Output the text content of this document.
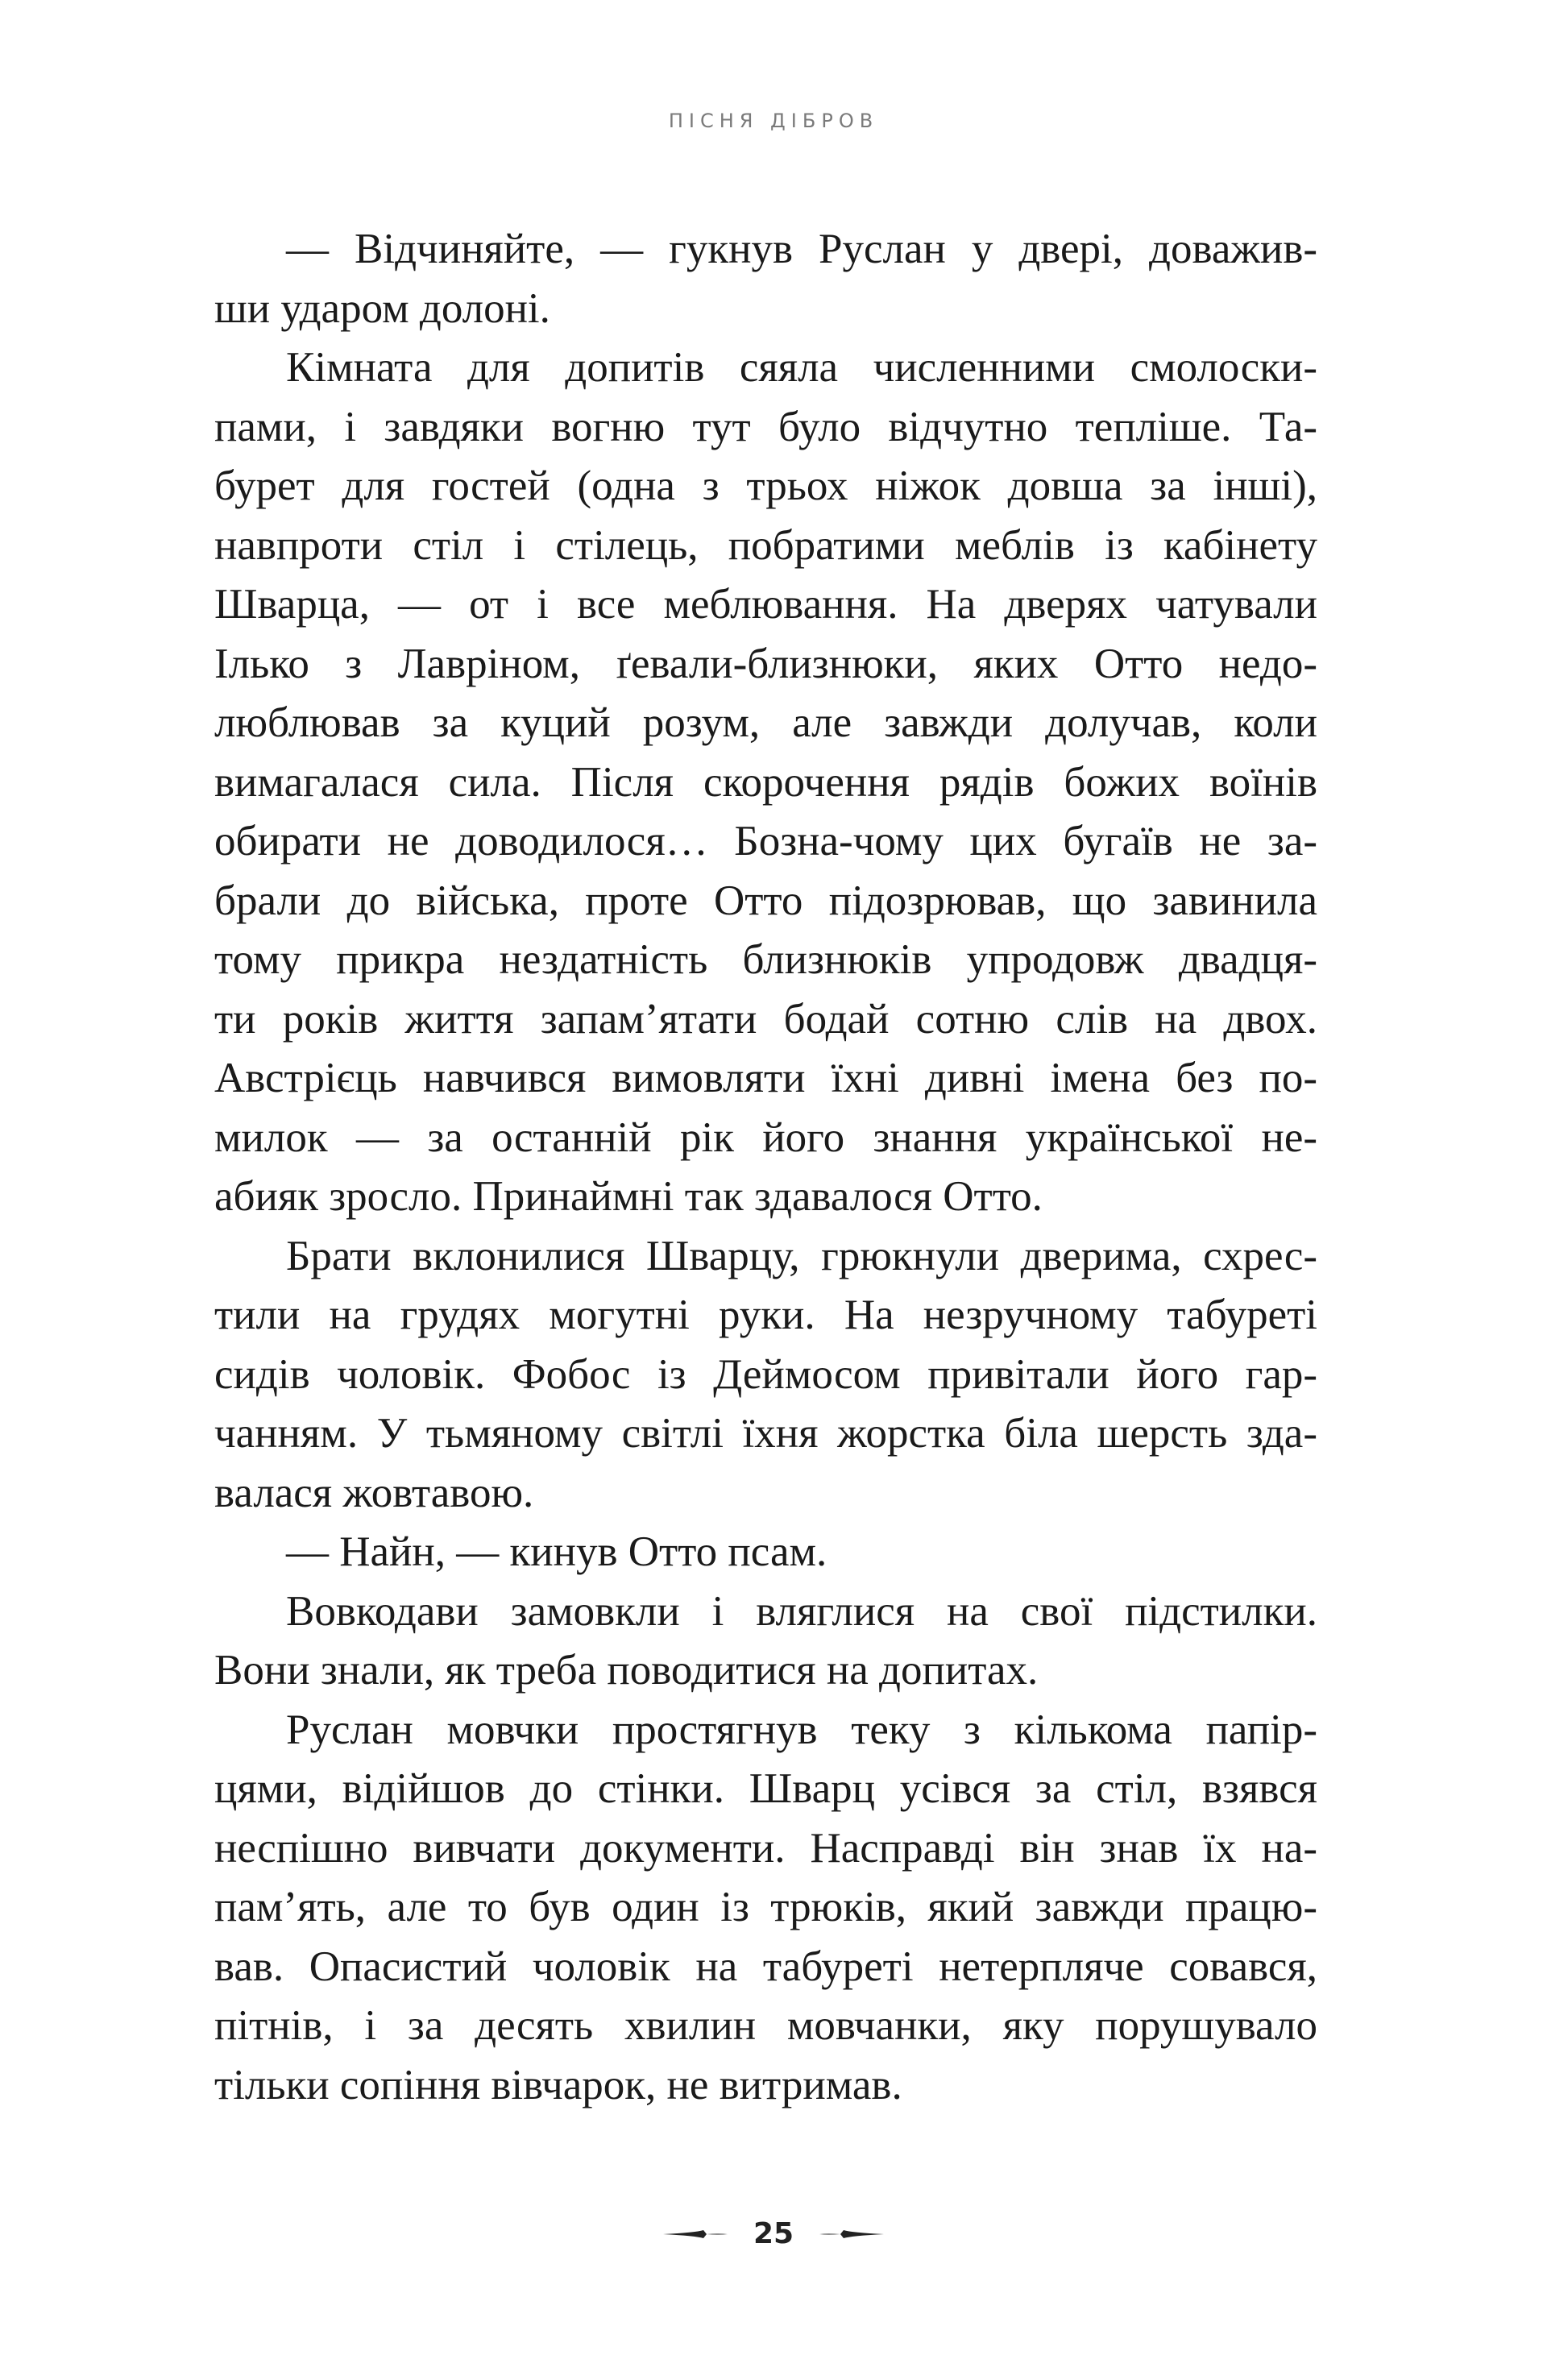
ПІСНЯ ДІБРОВ
— Відчиняйте, — гукнув Руслан у двері, доважив-
ши ударом долоні.
Кімната для допитів сяяла численними смолоски-
пами, і завдяки вогню тут було відчутно тепліше. Та-
бурет для гостей (одна з трьох ніжок довша за інші),
навпроти стіл і стілець, побратими меблів із кабінету
Шварца, — от і все меблювання. На дверях чатували
Ілько з Лавріном, ґевали-близнюки, яких Отто недо-
люблював за куций розум, але завжди долучав, коли
вимагалася сила. Після скорочення рядів божих воїнів
обирати не доводилося… Бозна-чому цих бугаїв не за-
брали до війська, проте Отто підозрював, що завинила
тому прикра нездатність близнюків упродовж двадця-
ти років життя запам’ятати бодай сотню слів на двох.
Австрієць навчився вимовляти їхні дивні імена без по-
милок — за останній рік його знання української не-
абияк зросло. Принаймні так здавалося Отто.
Брати вклонилися Шварцу, грюкнули дверима, схрес-
тили на грудях могутні руки. На незручному табуреті
сидів чоловік. Фобос із Деймосом привітали його гар-
чанням. У тьмяному світлі їхня жорстка біла шерсть зда-
валася жовтавою.
— Найн, — кинув Отто псам.
Вовкодави замовкли і вляглися на свої підстилки.
Вони знали, як треба поводитися на допитах.
Руслан мовчки простягнув теку з кількома папір-
цями, відійшов до стінки. Шварц усівся за стіл, взявся
неспішно вивчати документи. Насправді він знав їх на-
пам’ять, але то був один із трюків, який завжди працю-
вав. Опасистий чоловік на табуреті нетерпляче совався,
пітнів, і за десять хвилин мовчанки, яку порушувало
тільки сопіння вівчарок, не витримав.
25
